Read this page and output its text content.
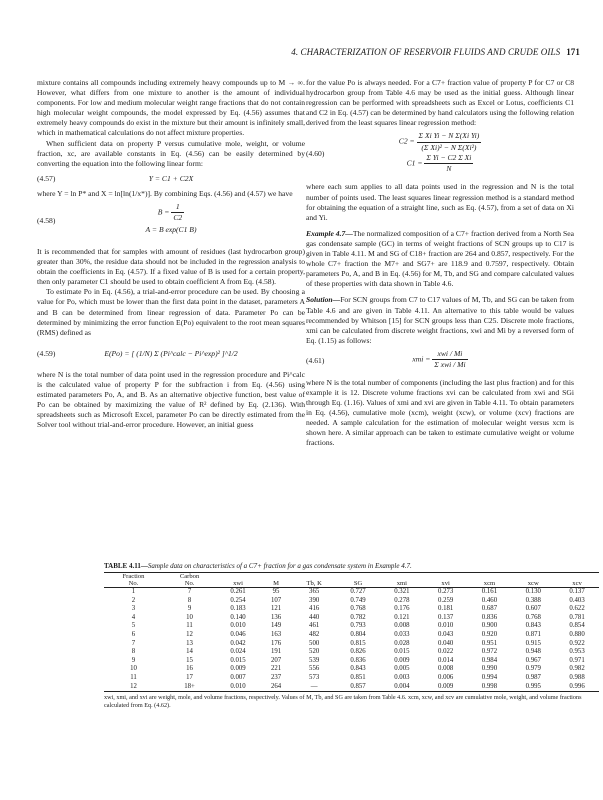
4. CHARACTERIZATION OF RESERVOIR FLUIDS AND CRUDE OILS 171

mixture contains all compounds including extremely heavy compounds up to M → ∞. However, what differs from one mixture to another is the amount of individual components. For low and medium molecular weight range fractions that do not contain high molecular weight compounds, the model expressed by Eq. (4.56) assumes that extremely heavy compounds do exist in the mixture but their amount is infinitely small, which in mathematical calculations do not affect mixture properties.

When sufficient data on property P versus cumulative mole, weight, or volume fraction, xc, are available constants in Eq. (4.56) can be easily determined by converting the equation into the following linear form:

(4.57)	Y = C1 + C2X

where Y = ln P* and X = ln[ln(1/x*)]. By combining Eqs. (4.56) and (4.57) we have

(4.58)
$B = \frac{1}{C2}$
A = B exp(C1 B)

It is recommended that for samples with amount of residues (last hydrocarbon group) greater than 30%, the residue data should not be included in the regression analysis to obtain the coefficients in Eq. (4.57). If a fixed value of B is used for a certain property, then only parameter C1 should be used to obtain coefficient A from Eq. (4.58).

To estimate Po in Eq. (4.56), a trial-and-error procedure can be used. By choosing a value for Po, which must be lower than the first data point in the dataset, parameters A and B can be determined from linear regression of data. Parameter Po can be determined by minimizing the error function E(Po) equivalent to the root mean squares (RMS) defined as

(4.59)	E(Po) = [ (1/N) Σ (Pi^calc − Pi^exp)² ]^1/2

where N is the total number of data point used in the regression procedure and Pi^calc is the calculated value of property P for the subfraction i from Eq. (4.56) using estimated parameters Po, A, and B. As an alternative objective function, best value of Po can be obtained by maximizing the value of R² defined by Eq. (2.136). With spreadsheets such as Microsoft Excel, parameter Po can be directly estimated from the Solver tool without trial-and-error procedure. However, an initial guess

for the value Po is always needed. For a C7+ fraction value of property P for C7 or C8 hydrocarbon group from Table 4.6 may be used as the initial guess. Although linear regression can be performed with spreadsheets such as Excel or Lotus, coefficients C1 and C2 in Eq. (4.57) can be determined by hand calculators using the following relation derived from the least squares linear regression method:

(4.60)
$C2 = \frac{\text{Σ Xi Yi − N Σ(Xi Yi)}}{\text{(Σ Xi)² − N Σ(Xi²)}}$
$C1 = \frac{\text{Σ Yi − C2 Σ Xi}}{N}$

where each sum applies to all data points used in the regression and N is the total number of points used. The least squares linear regression method is a standard method for obtaining the equation of a straight line, such as Eq. (4.57), from a set of data on Xi and Yi.

Example 4.7—The normalized composition of a C7+ fraction derived from a North Sea gas condensate sample (GC) in terms of weight fractions of SCN groups up to C17 is given in Table 4.11. M and SG of C18+ fraction are 264 and 0.857, respectively. For the whole C7+ fraction the M7+ and SG7+ are 118.9 and 0.7597, respectively. Obtain parameters Po, A, and B in Eq. (4.56) for M, Tb, and SG and compare calculated values of these properties with data shown in Table 4.6.

Solution—For SCN groups from C7 to C17 values of M, Tb, and SG can be taken from Table 4.6 and are given in Table 4.11. An alternative to this table would be values recommended by Whitson [15] for SCN groups less than C25. Discrete mole fractions, xmi can be calculated from discrete weight fractions, xwi and Mi by a reversed form of Eq. (1.15) as follows:

(4.61)	xmi = $\frac{\text{xwi / Mi}}{\text{Σ xwi / Mi}}$

where N is the total number of components (including the last plus fraction) and for this example it is 12. Discrete volume fractions xvi can be calculated from xwi and SGi through Eq. (1.16). Values of xmi and xvi are given in Table 4.11. To obtain parameters in Eq. (4.56), cumulative mole (xcm), weight (xcw), or volume (xcv) fractions are needed. A sample calculation for the estimation of molecular weight versus xcm is shown here. A similar approach can be taken to estimate cumulative weight or volume fractions.

TABLE 4.11—Sample data on characteristics of a C7+ fraction for a gas condensate system in Example 4.7.
Fraction	Carbon									
No.	No.	xwi	M	Tb, K	SG	xmi	xvi	xcm	xcw	xcv
1	7	0.261	95	365	0.727	0.321	0.273	0.161	0.130	0.137
2	8	0.254	107	390	0.749	0.278	0.259	0.460	0.388	0.403
3	9	0.183	121	416	0.768	0.176	0.181	0.687	0.607	0.622
4	10	0.140	136	440	0.782	0.121	0.137	0.836	0.768	0.781
5	11	0.010	149	461	0.793	0.008	0.010	0.900	0.843	0.854
6	12	0.046	163	482	0.804	0.033	0.043	0.920	0.871	0.880
7	13	0.042	176	500	0.815	0.028	0.040	0.951	0.915	0.922
8	14	0.024	191	520	0.826	0.015	0.022	0.972	0.948	0.953
9	15	0.015	207	539	0.836	0.009	0.014	0.984	0.967	0.971
10	16	0.009	221	556	0.843	0.005	0.008	0.990	0.979	0.982
11	17	0.007	237	573	0.851	0.003	0.006	0.994	0.987	0.988
12	18+	0.010	264	—	0.857	0.004	0.009	0.998	0.995	0.996
xwi, xmi, and xvi are weight, mole, and volume fractions, respectively. Values of M, Tb, and SG are taken from Table 4.6. xcm, xcw, and xcv are cumulative mole, weight, and volume fractions calculated from Eq. (4.62).
